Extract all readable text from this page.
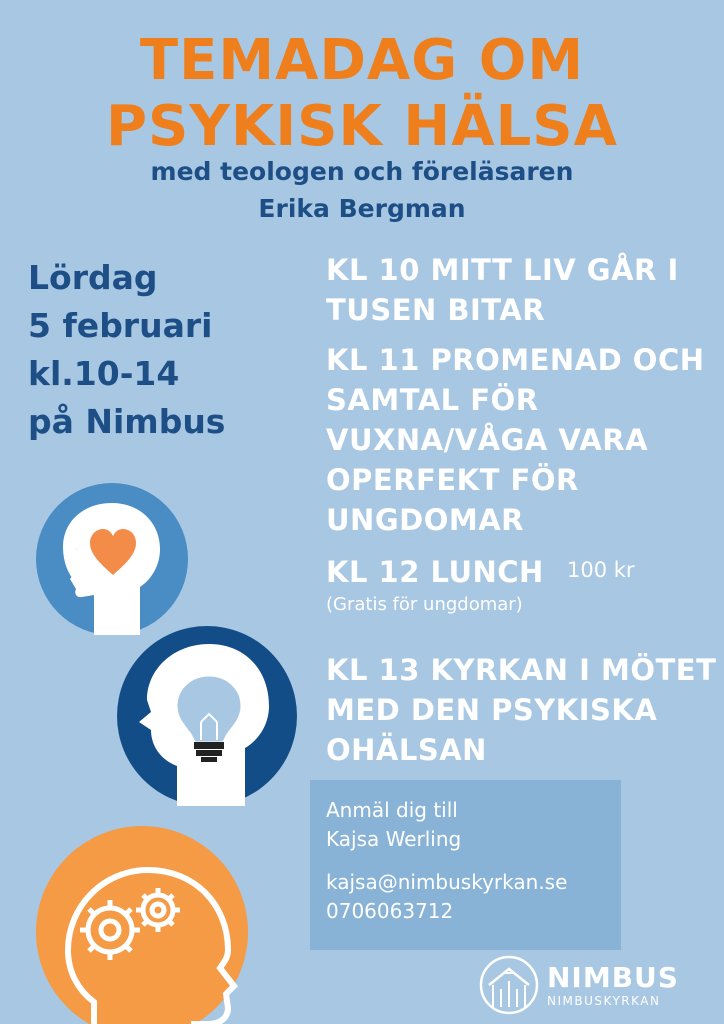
TEMADAG OM
PSYKISK HÄLSA
med teologen och föreläsaren
Erika Bergman
Lördag
5 februari
kl.10-14
på Nimbus
KL 10 MITT LIV GÅR I
TUSEN BITAR
KL 11 PROMENAD OCH
SAMTAL FÖR
VUXNA/VÅGA VARA
OPERFEKT FÖR
UNGDOMAR
KL 12 LUNCH	100 kr
(Gratis för ungdomar)
KL 13 KYRKAN I MÖTET
MED DEN PSYKISKA
OHÄLSAN
Anmäl dig till
Kajsa Werling
kajsa@nimbuskyrkan.se
0706063712
NIMBUS
NIMBUSKYRKAN
